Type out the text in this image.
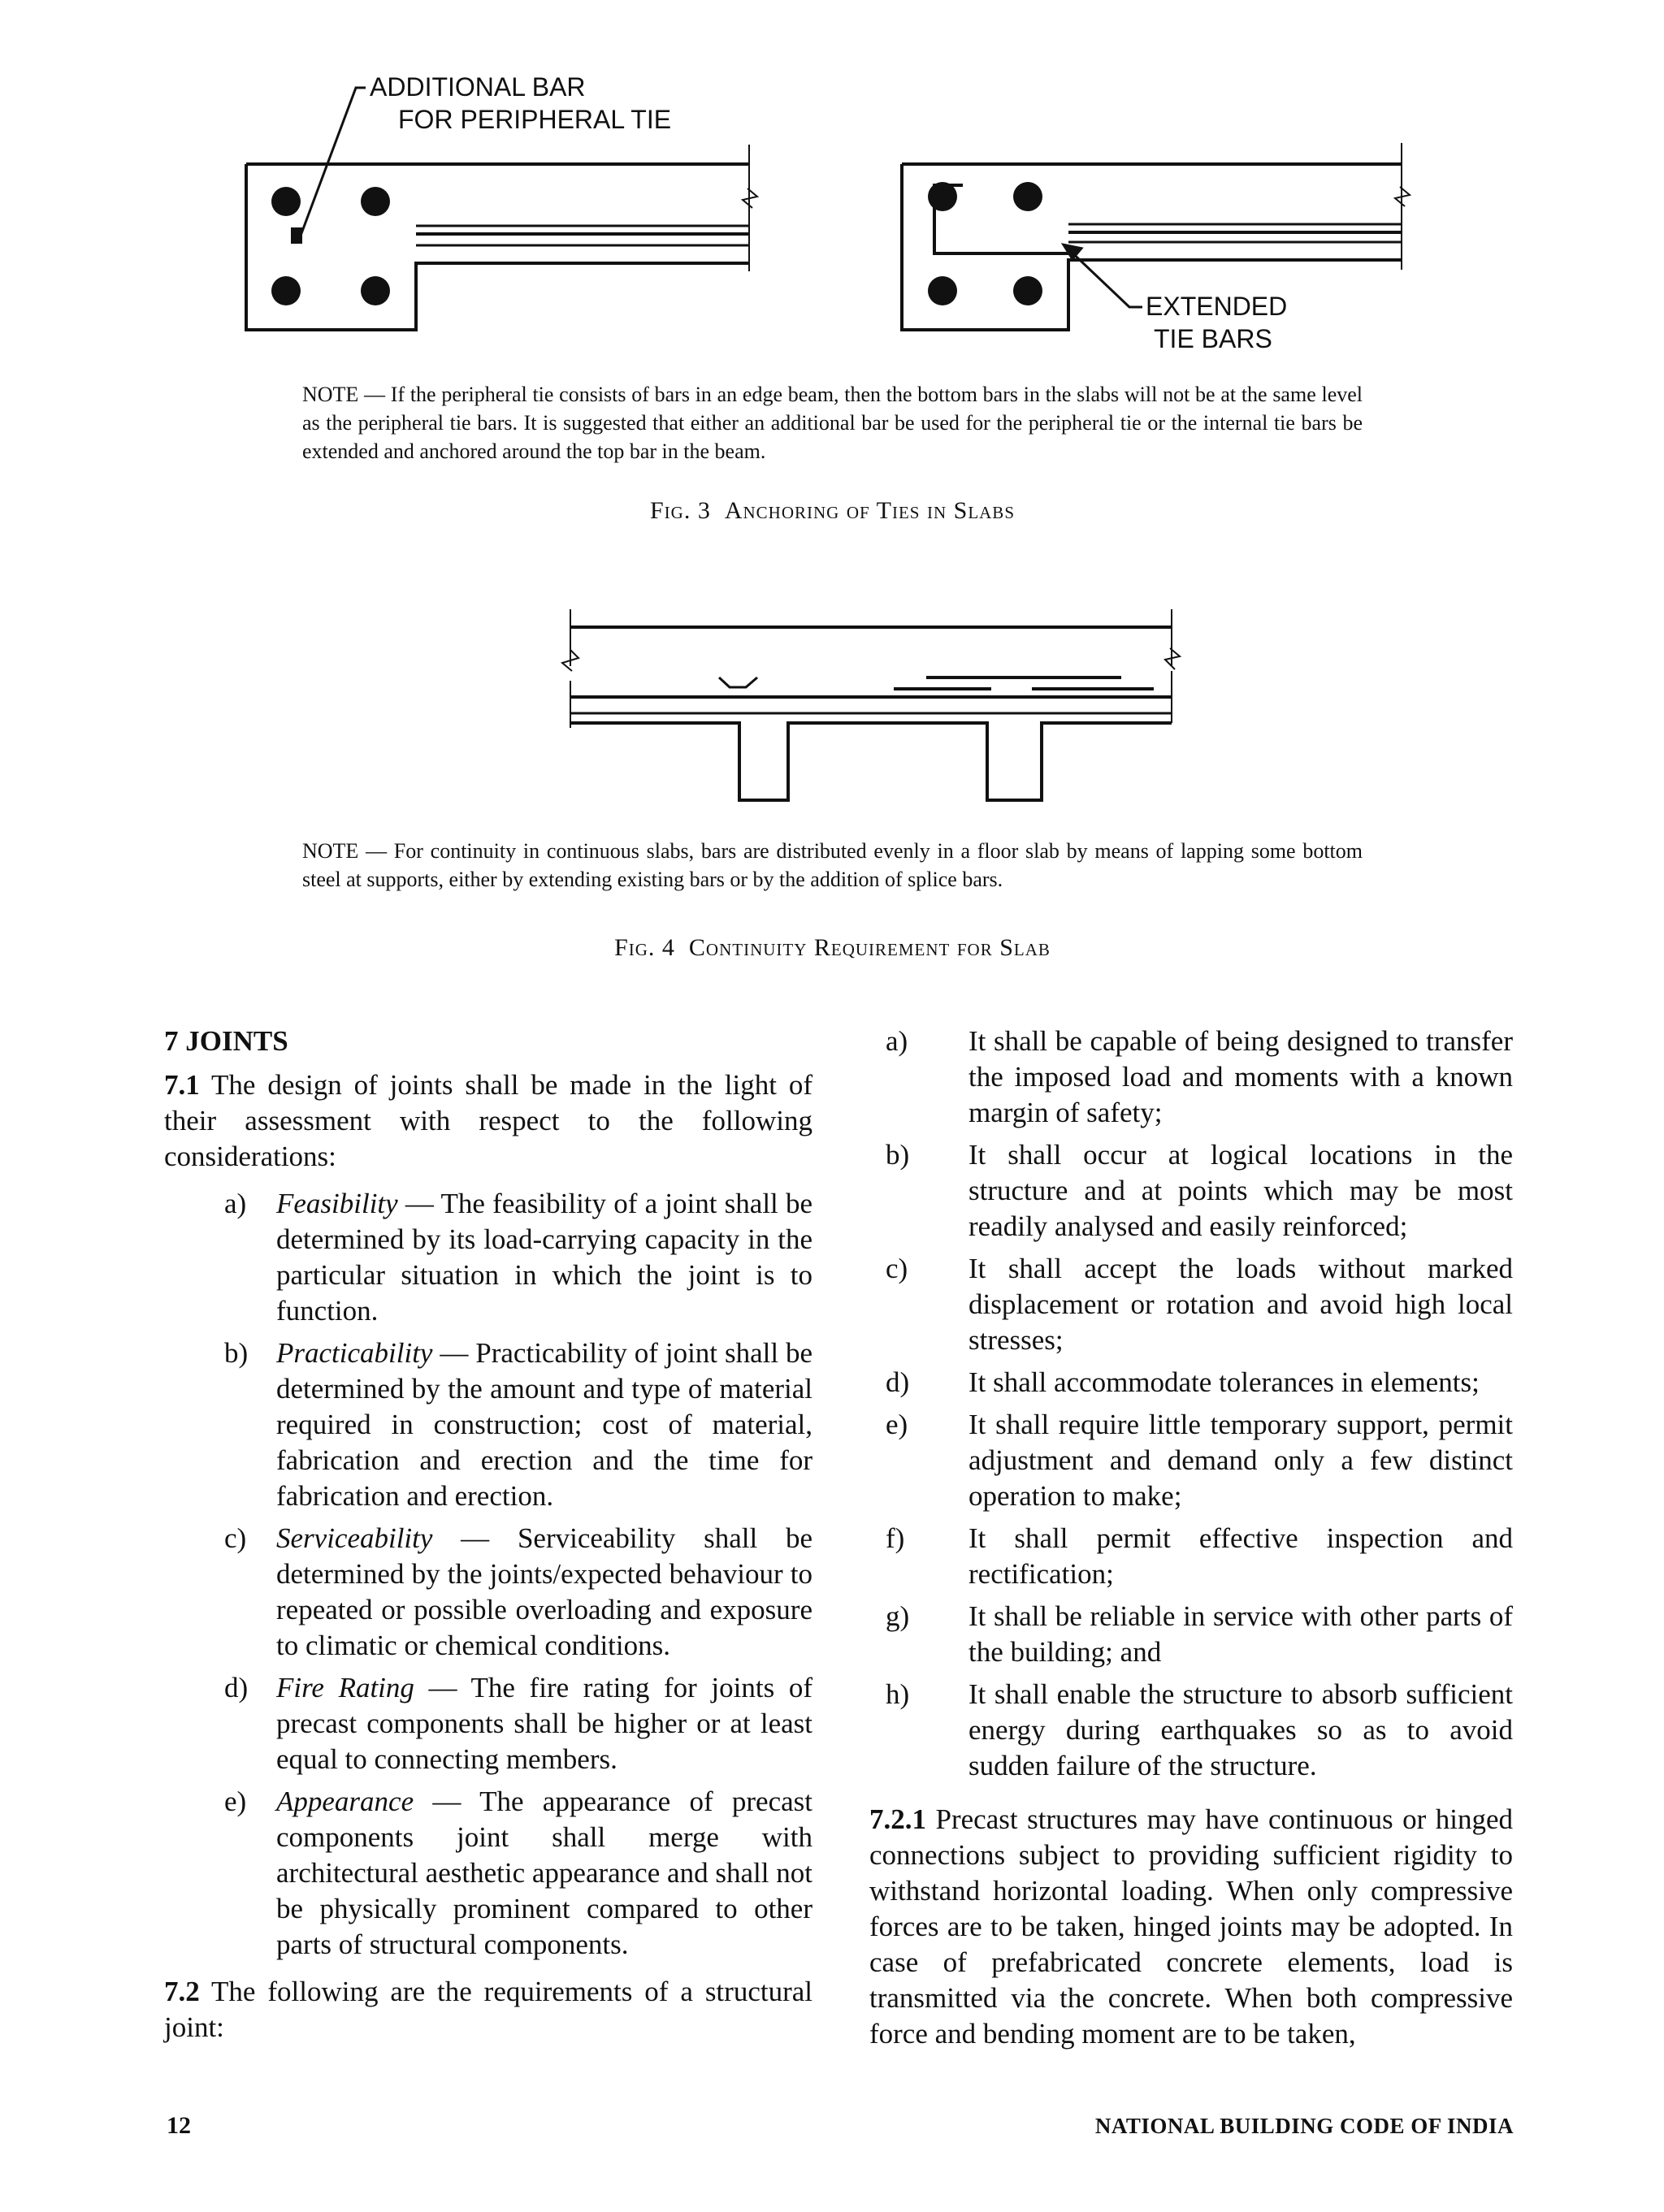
ADDITIONAL BAR
FOR PERIPHERAL TIE
EXTENDED
TIE BARS
NOTE — If the peripheral tie consists of bars in an edge beam, then the bottom bars in the slabs will not be at the same level as the peripheral tie bars. It is suggested that either an additional bar be used for the peripheral tie or the internal tie bars be extended and anchored around the top bar in the beam.
Fig. 3 Anchoring of Ties in Slabs
NOTE — For continuity in continuous slabs, bars are distributed evenly in a floor slab by means of lapping some bottom steel at supports, either by extending existing bars or by the addition of splice bars.
Fig. 4 Continuity Requirement for Slab
7 JOINTS

7.1 The design of joints shall be made in the light of their assessment with respect to the following considerations:

a) Feasibility — The feasibility of a joint shall be determined by its load-carrying capacity in the particular situation in which the joint is to function.
b) Practicability — Practicability of joint shall be determined by the amount and type of material required in construction; cost of material, fabrication and erection and the time for fabrication and erection.
c) Serviceability — Serviceability shall be determined by the joints/expected behaviour to repeated or possible overloading and exposure to climatic or chemical conditions.
d) Fire Rating — The fire rating for joints of precast components shall be higher or at least equal to connecting members.
e) Appearance — The appearance of precast components joint shall merge with architectural aesthetic appearance and shall not be physically prominent compared to other parts of structural components.

7.2 The following are the requirements of a structural joint:

a) It shall be capable of being designed to transfer the imposed load and moments with a known margin of safety;
b) It shall occur at logical locations in the structure and at points which may be most readily analysed and easily reinforced;
c) It shall accept the loads without marked displacement or rotation and avoid high local stresses;
d) It shall accommodate tolerances in elements;
e) It shall require little temporary support, permit adjustment and demand only a few distinct operation to make;
f) It shall permit effective inspection and rectification;
g) It shall be reliable in service with other parts of the building; and
h) It shall enable the structure to absorb sufficient energy during earthquakes so as to avoid sudden failure of the structure.

7.2.1 Precast structures may have continuous or hinged connections subject to providing sufficient rigidity to withstand horizontal loading. When only compressive forces are to be taken, hinged joints may be adopted. In case of prefabricated concrete elements, load is transmitted via the concrete. When both compressive force and bending moment are to be taken,

12	NATIONAL BUILDING CODE OF INDIA
